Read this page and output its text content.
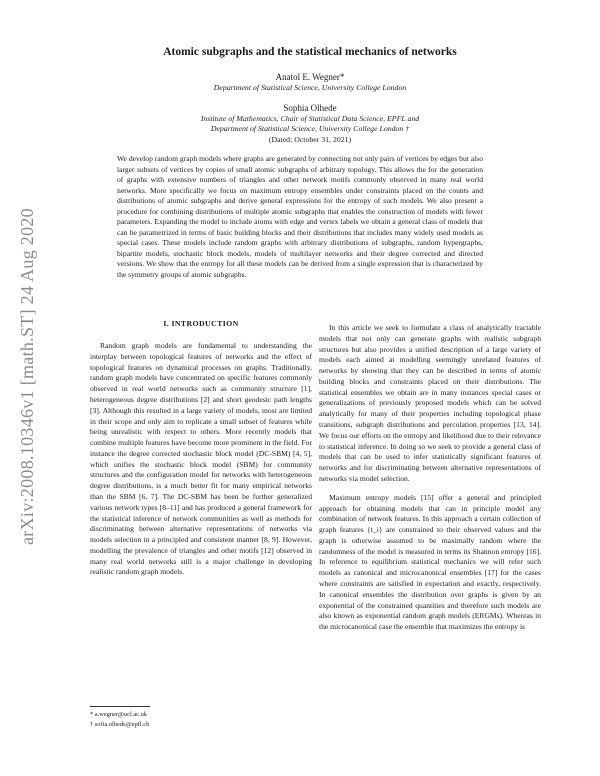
arXiv:2008.10346v1 [math.ST] 24 Aug 2020
Atomic subgraphs and the statistical mechanics of networks

Anatol E. Wegner*

Department of Statistical Science, University College London

Sophia Olhede

Institute of Mathematics, Chair of Statistical Data Science, EPFL and

Department of Statistical Science, University College London †

(Dated: October 31, 2021)

We develop random graph models where graphs are generated by connecting not only pairs of vertices by edges but also larger subsets of vertices by copies of small atomic subgraphs of arbitrary topology. This allows the for the generation of graphs with extensive numbers of triangles and other network motifs commonly observed in many real world networks. More specifically we focus on maximum entropy ensembles under constraints placed on the counts and distributions of atomic subgraphs and derive general expressions for the entropy of such models. We also present a procedure for combining distributions of multiple atomic subgraphs that enables the construction of models with fewer parameters. Expanding the model to include atoms with edge and vertex labels we obtain a general class of models that can be parametrized in terms of basic building blocks and their distributions that includes many widely used models as special cases. These models include random graphs with arbitrary distributions of subgraphs, random hypergraphs, bipartite models, stochastic block models, models of multilayer networks and their degree corrected and directed versions. We show that the entropy for all these models can be derived from a single expression that is characterized by the symmetry groups of atomic subgraphs.

I. INTRODUCTION

Random graph models are fundamental to understanding the interplay between topological features of networks and the effect of topological features on dynamical processes on graphs. Traditionally, random graph models have concentrated on specific features commonly observed in real world networks such as community structure [1], heterogeneous degree distributions [2] and short geodesic path lengths [3]. Although this resulted in a large variety of models, most are limited in their scope and only aim to replicate a small subset of features while being unrealistic with respect to others. More recently models that combine multiple features have become more prominent in the field. For instance the degree corrected stochastic block model (DC-SBM) [4, 5], which unifies the stochastic block model (SBM) for community structures and the configuration model for networks with heterogeneous degree distributions, is a much better fit for many empirical networks than the SBM [6, 7]. The DC-SBM has been be further generalized various network types [8–11] and has produced a general framework for the statistical inference of network communities as well as methods for discriminating between alternative representations of networks via models selection in a principled and consistent manner [8, 9]. However, modelling the prevalence of triangles and other motifs [12] observed in many real world networks still is a major challenge in developing realistic random graph models.

In this article we seek to formulate a class of analytically tractable models that not only can generate graphs with realistic subgraph structures but also provides a unified description of a large variety of models each aimed at modelling seemingly unrelated features of networks by showing that they can be described in terms of atomic building blocks and constraints placed on their distributions. The statistical ensembles we obtain are in many instances special cases or generalizations of previously proposed models which can be solved analytically for many of their properties including topological phase transitions, subgraph distributions and percolation properties [13, 14]. We focus our efforts on the entropy and likelihood due to their relevance to statistical inference. In doing so we seek to provide a general class of models that can be used to infer statistically significant features of networks and for discriminating between alternative representations of networks via model selection.

Maximum entropy models [15] offer a general and principled approach for obtaining models that can in principle model any combination of network features. In this approach a certain collection of graph features {t_i} are constrained to their observed values and the graph is otherwise assumed to be maximally random where the randomness of the model is measured in terms its Shannon entropy [16]. In reference to equilibrium statistical mechanics we will refer such models as canonical and microcanonical ensembles [17] for the cases where constraints are satisfied in expectation and exactly, respectively. In canonical ensembles the distribution over graphs is given by an exponential of the constrained quantities and therefore such models are also known as exponential random graph models (ERGMs). Whereas in the microcanonical case the ensemble that maximizes the entropy is

* a.wegner@ucl.ac.uk

† sofia.olhede@epfl.ch
